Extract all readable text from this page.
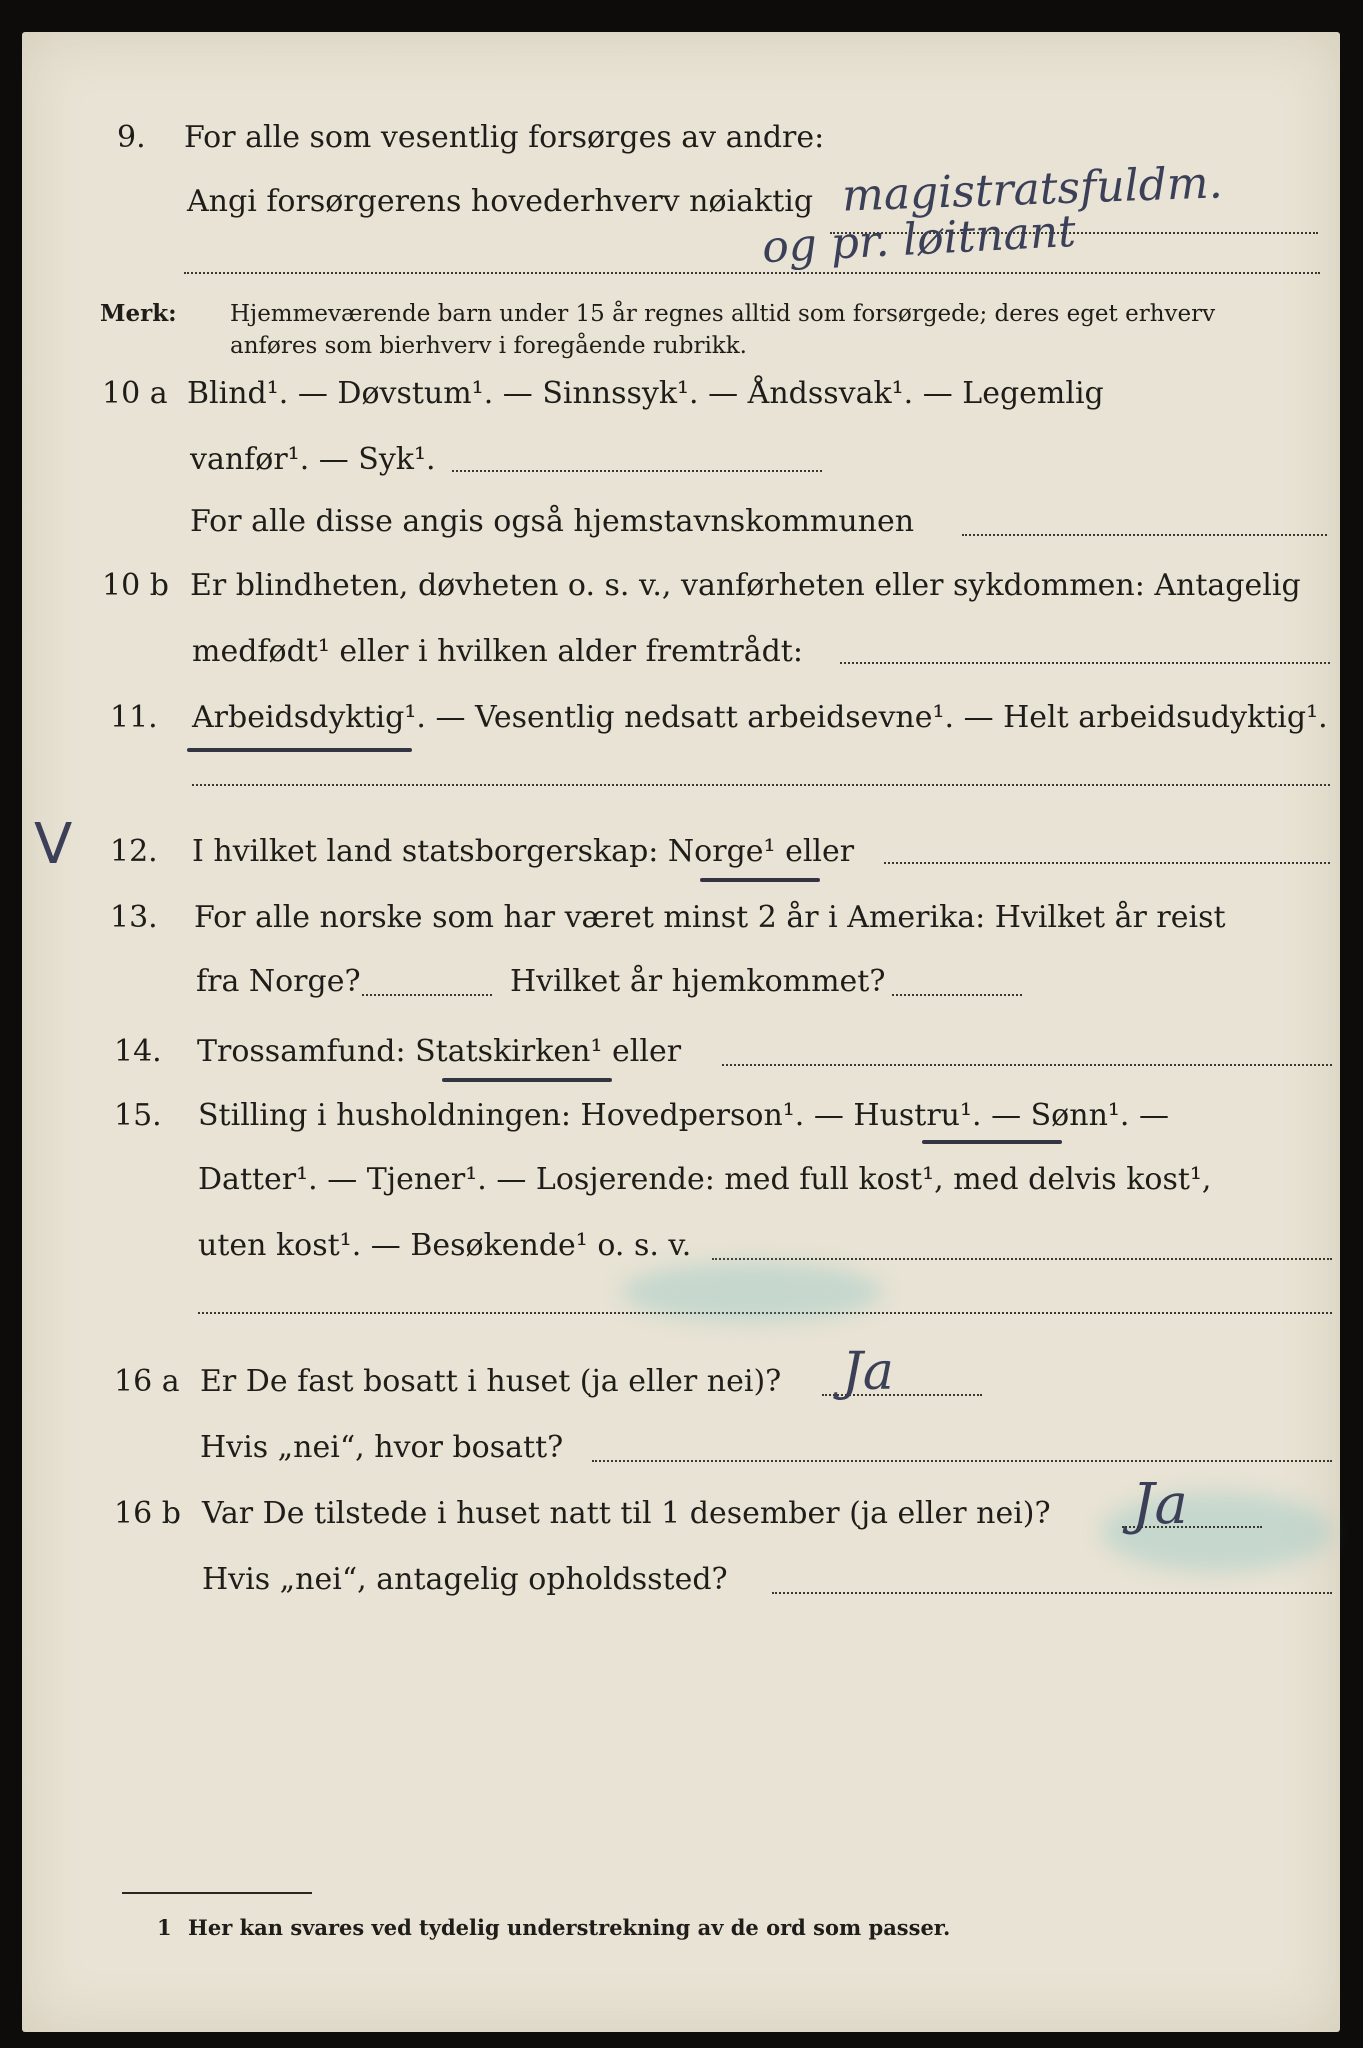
9. For alle som vesentlig forsørges av andre:
Angi forsørgerens hovederhverv nøiaktig magistratsfuldm.
og pr. løitnant
Merk: Hjemmeværende barn under 15 år regnes alltid som forsørgede; deres eget erhverv
anføres som bierhverv i foregående rubrikk.
10 a Blind¹. — Døvstum¹. — Sinnssyk¹. — Åndssvak¹. — Legemlig
vanfør¹. — Syk¹.
For alle disse angis også hjemstavnskommunen
10 b Er blindheten, døvheten o. s. v., vanførheten eller sykdommen: Antagelig
medfødt¹ eller i hvilken alder fremtrådt:
11. Arbeidsdyktig¹. — Vesentlig nedsatt arbeidsevne¹. — Helt arbeidsudyktig¹.
V 12. I hvilket land statsborgerskap: Norge¹ eller
13. For alle norske som har været minst 2 år i Amerika: Hvilket år reist
fra Norge?	Hvilket år hjemkommet?
14. Trossamfund: Statskirken¹ eller
15. Stilling i husholdningen: Hovedperson¹. — Hustru¹. — Sønn¹. —
Datter¹. — Tjener¹. — Losjerende: med full kost¹, med delvis kost¹,
uten kost¹. — Besøkende¹ o. s. v.
16 a Er De fast bosatt i huset (ja eller nei)? Ja
Hvis „nei“, hvor bosatt?
16 b Var De tilstede i huset natt til 1 desember (ja eller nei)? Ja
Hvis „nei“, antagelig opholdssted?
1 Her kan svares ved tydelig understrekning av de ord som passer.
